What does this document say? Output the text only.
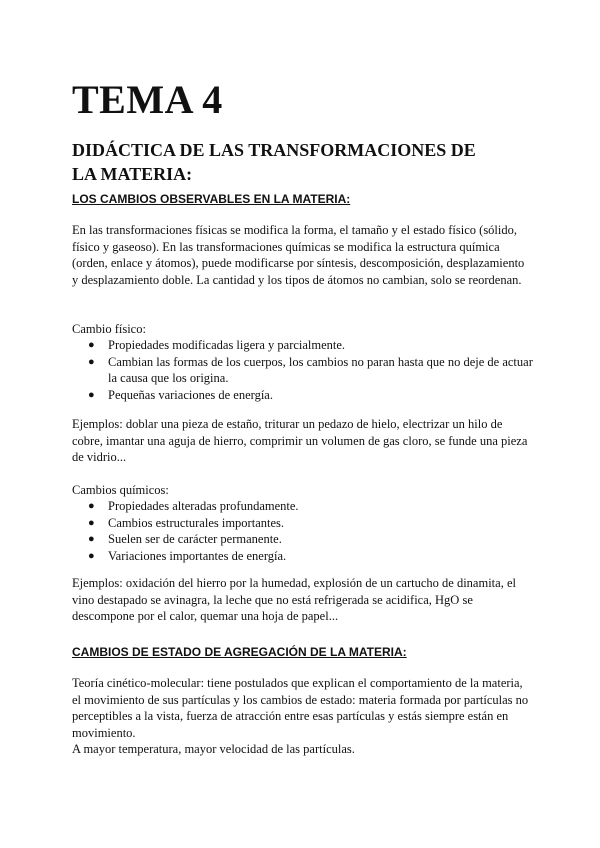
TEMA 4
DIDÁCTICA DE LAS TRANSFORMACIONES DE LA MATERIA:
LOS CAMBIOS OBSERVABLES EN LA MATERIA:

En las transformaciones físicas se modifica la forma, el tamaño y el estado físico (sólido, físico y gaseoso). En las transformaciones químicas se modifica la estructura química (orden, enlace y átomos), puede modificarse por síntesis, descomposición, desplazamiento y desplazamiento doble. La cantidad y los tipos de átomos no cambian, solo se reordenan.

Cambio físico:
● Propiedades modificadas ligera y parcialmente.
● Cambian las formas de los cuerpos, los cambios no paran hasta que no deje de actuar la causa que los origina.
● Pequeñas variaciones de energía.

Ejemplos: doblar una pieza de estaño, triturar un pedazo de hielo, electrizar un hilo de cobre, imantar una aguja de hierro, comprimir un volumen de gas cloro, se funde una pieza de vidrio...

Cambios químicos:
● Propiedades alteradas profundamente.
● Cambios estructurales importantes.
● Suelen ser de carácter permanente.
● Variaciones importantes de energía.

Ejemplos: oxidación del hierro por la humedad, explosión de un cartucho de dinamita, el vino destapado se avinagra, la leche que no está refrigerada se acidifica, HgO se descompone por el calor, quemar una hoja de papel...

CAMBIOS DE ESTADO DE AGREGACIÓN DE LA MATERIA:

Teoría cinético-molecular: tiene postulados que explican el comportamiento de la materia, el movimiento de sus partículas y los cambios de estado: materia formada por partículas no perceptibles a la vista, fuerza de atracción entre esas partículas y estás siempre están en movimiento.

A mayor temperatura, mayor velocidad de las partículas.
